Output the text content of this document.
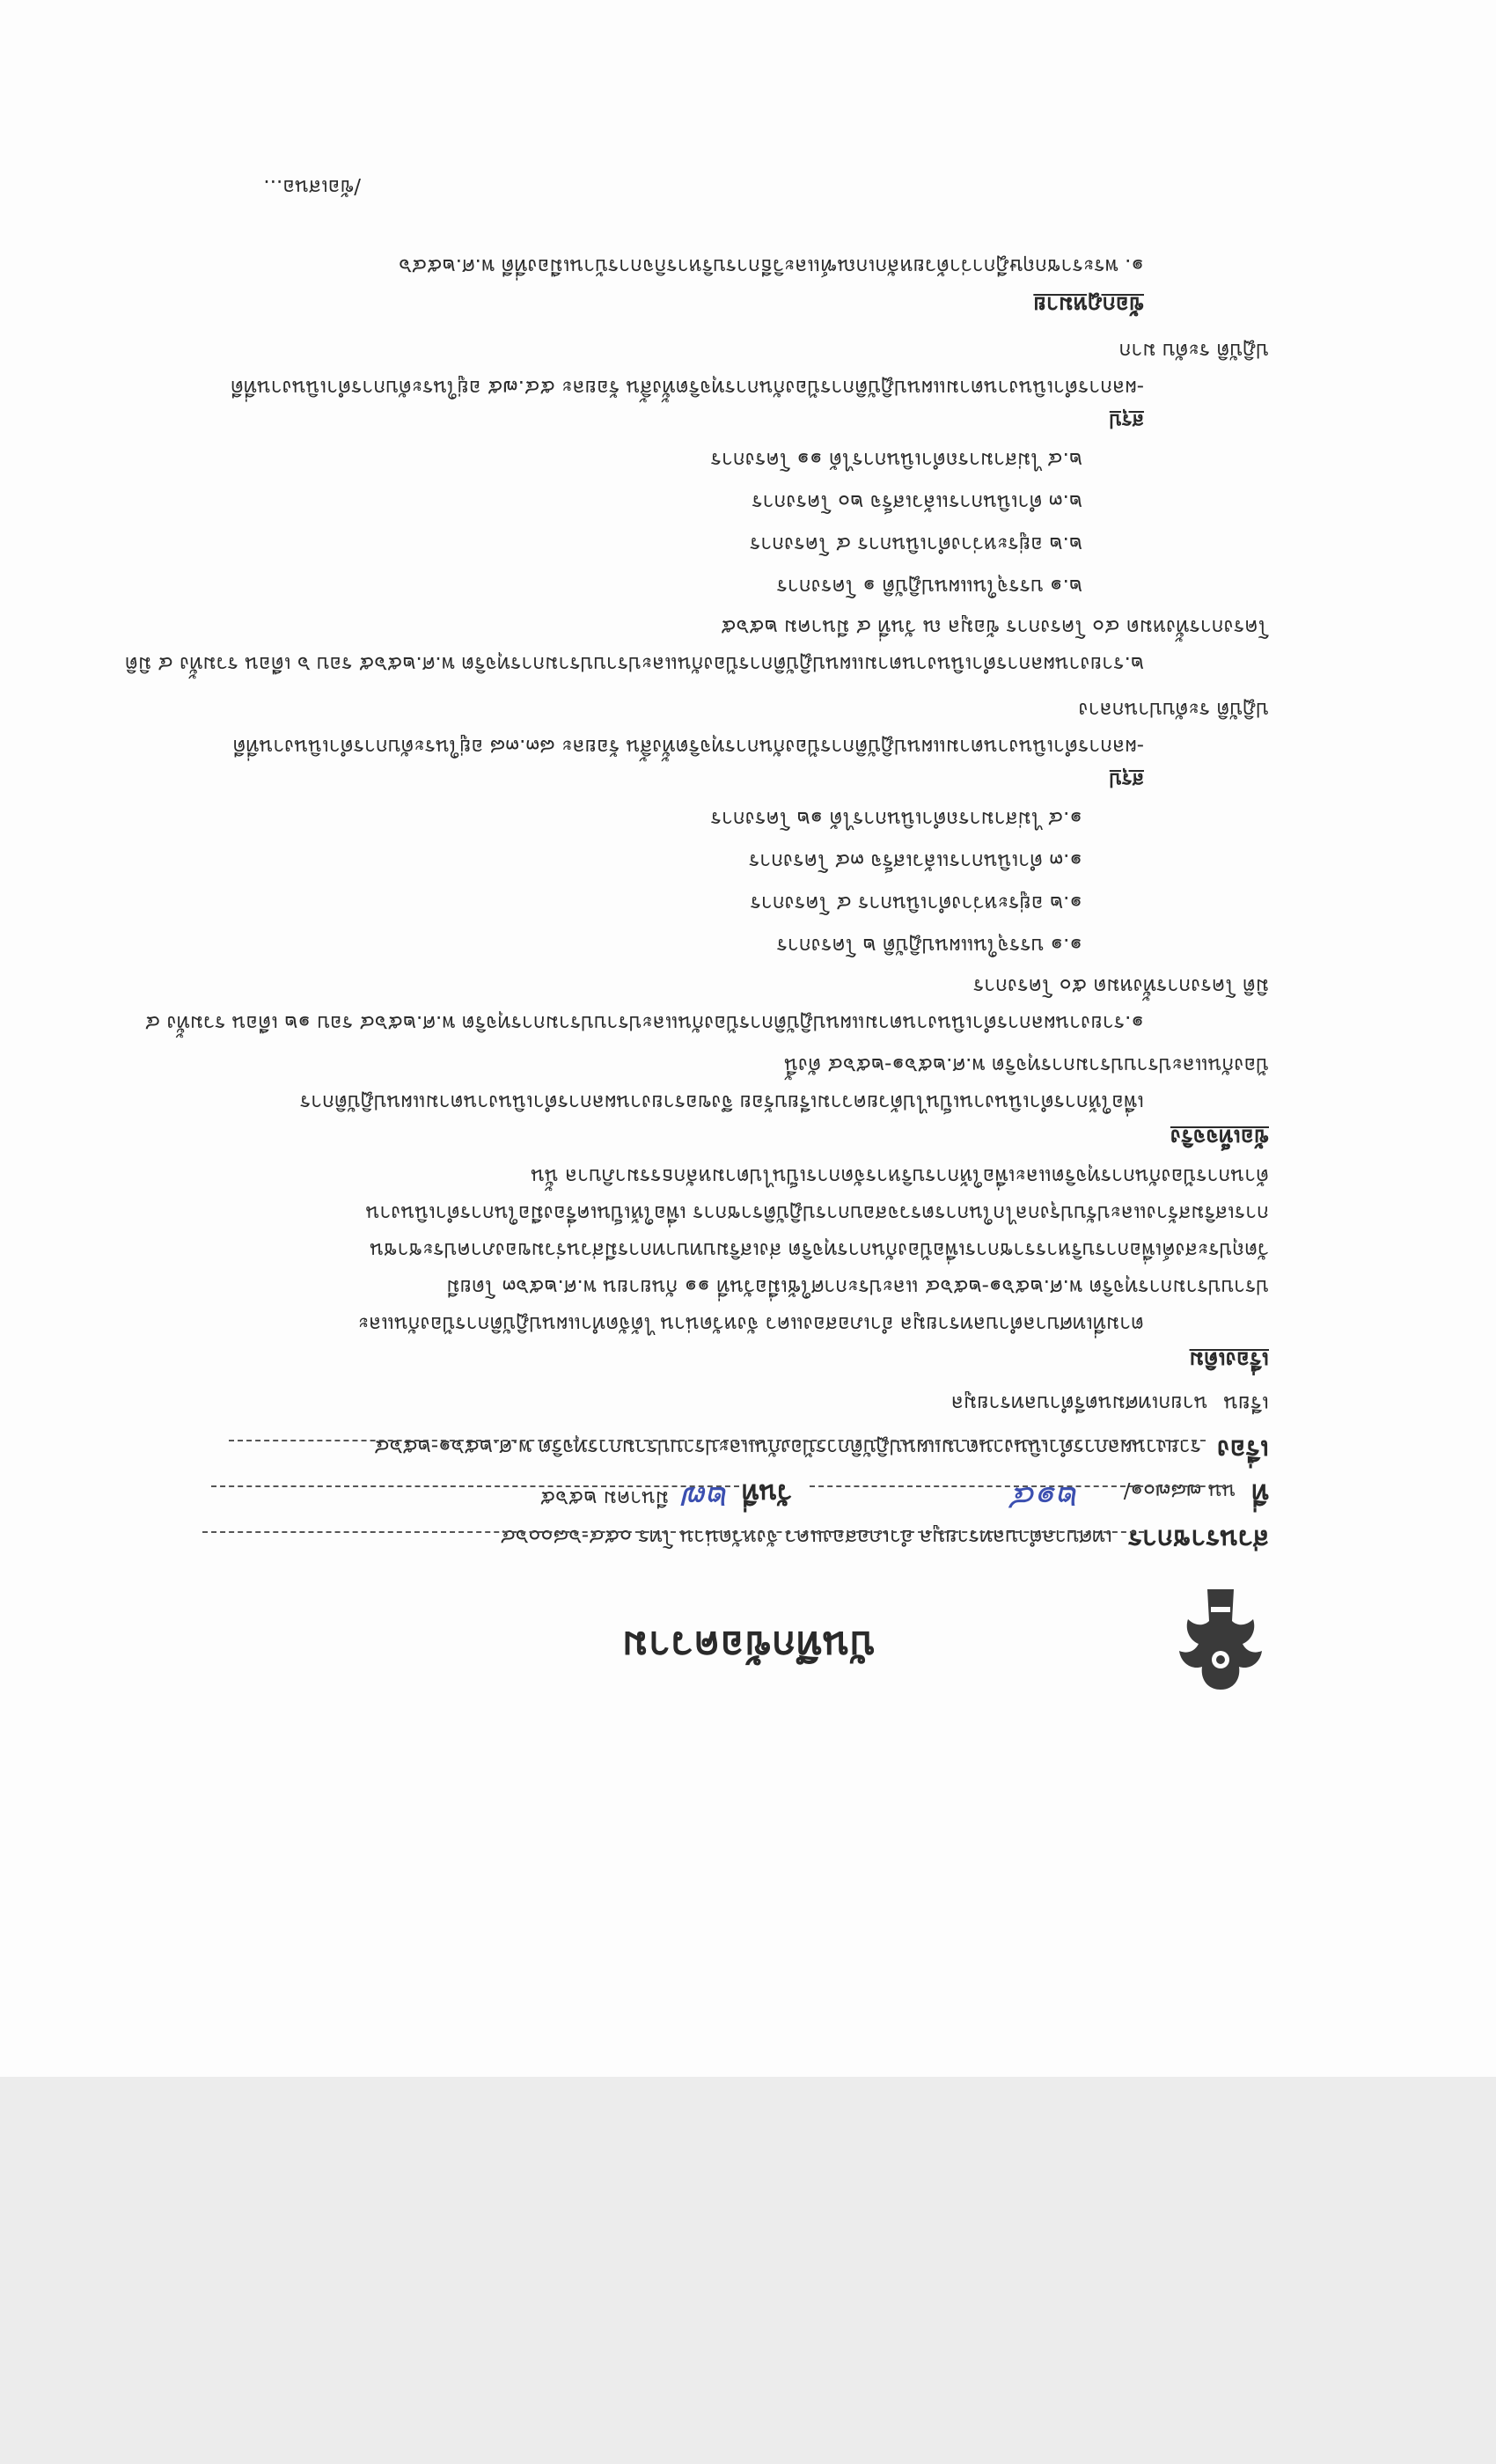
บันทึกข้อความ
ส่วนราชการเทศบาลตำบลทรายมูล อำเภอสองแคว จังหวัดน่าน โทร ๐๕๔-๖๘๐๐๖๔
ที่นน ๗๘๗๐๑/
๒๑๔
วันที่
๒๗
มีนาคม ๒๕๖๕
เรื่องรายงานผลการดำเนินงานตามแผนปฏิบัติการป้องกันและปราบปรามการทุจริต พ.ศ.๒๕๖๑-๒๕๖๔
เรียนนายกเทศมนตรีตำบลทรายมูล
เรื่องเดิม
ตามที่เทศบาลตำบลทรายมูล อำเภอสองแคว จังหวัดน่าน ได้จัดทำแผนปฏิบัติการป้องกันและ
ปราบปรามการทุจริต พ.ศ.๒๕๖๑-๒๕๖๔ และประกาศใช้เมื่อวันที่ ๑๑ กันยายน พ.ศ.๒๕๖๓ โดยมี
วัตถุประสงค์เพื่อการบริหารราชการเพื่อป้องกันการทุจริต ส่งเสริมบทบาทการมีส่วนร่วมของภาคประชาชน
การเสริมสร้างและปรับปรุงกลไกในการตรวจสอบการปฏิบัติราชการ เพื่อให้เป็นเครื่องมือในการดำเนินงาน
ด้านการป้องกันการทุจริตและเพื่อให้การบริหารจัดการเป็นไปตามหลักธรรมาภิบาล นั้น
ข้อเท็จจริง
เพื่อให้การดำเนินงานเป็นไปด้วยความเรียบร้อย จึงขอรายงานผลการดำเนินงานตามแผนปฏิบัติการ
ป้องกันและปราบปรามการทุจริต พ.ศ.๒๕๖๑-๒๕๖๔ ดังนี้
๑.รายงานผลการดำเนินงานตามแผนปฏิบัติการป้องกันและปราบปรามการทุจริต พ.ศ.๒๕๖๔ รอบ ๑๒ เดือน รวมทั้ง ๔
มิติ โครงการทั้งหมด ๕๐ โครงการ
๑.๑ บรรจุในแผนปฏิบัติ ๒ โครงการ
๑.๒ อยู่ระหว่างดำเนินการ ๔ โครงการ
๑.๓ ดำเนินการแล้วเสร็จ ๓๔ โครงการ
๑.๔ ไม่สามารถดำเนินการได้ ๑๒ โครงการ
สรุป
-ผลการดำเนินงานตามแผนปฏิบัติการป้องกันการทุจริตทั้งสิ้น ร้อยละ ๘๓.๓๘ อยู่ในระดับการดำเนินงานที่ดี
ปฏิบัติ ระดับปานกลาง
๒.รายงานผลการดำเนินงานตามแผนปฏิบัติการป้องกันและปราบปรามการทุจริต พ.ศ.๒๕๖๕ รอบ ๖ เดือน รวมทั้ง ๔ มิติ
โครงการทั้งหมด ๔๐ โครงการ ข้อมูล ณ วันที่ ๔ มีนาคม ๒๕๖๕
๒.๑ บรรจุในแผนปฏิบัติ ๑ โครงการ
๒.๒ อยู่ระหว่างดำเนินการ ๔ โครงการ
๒.๓ ดำเนินการแล้วเสร็จ ๒๐ โครงการ
๒.๔ ไม่สามารถดำเนินการได้ ๑๑ โครงการ
สรุป
-ผลการดำเนินงานตามแผนปฏิบัติการป้องกันการทุจริตทั้งสิ้น ร้อยละ ๕๔.๗๕ อยู่ในระดับการดำเนินงานที่ดี
ปฏิบัติ ระดับ มาก
ข้อกฎหมาย
๑. พระราชกฤษฎีกาว่าด้วยหลักเกณฑ์และวิธีการบริหารกิจการบ้านเมืองที่ดี พ.ศ.๒๕๔๖
/ข้อเสนอ...
